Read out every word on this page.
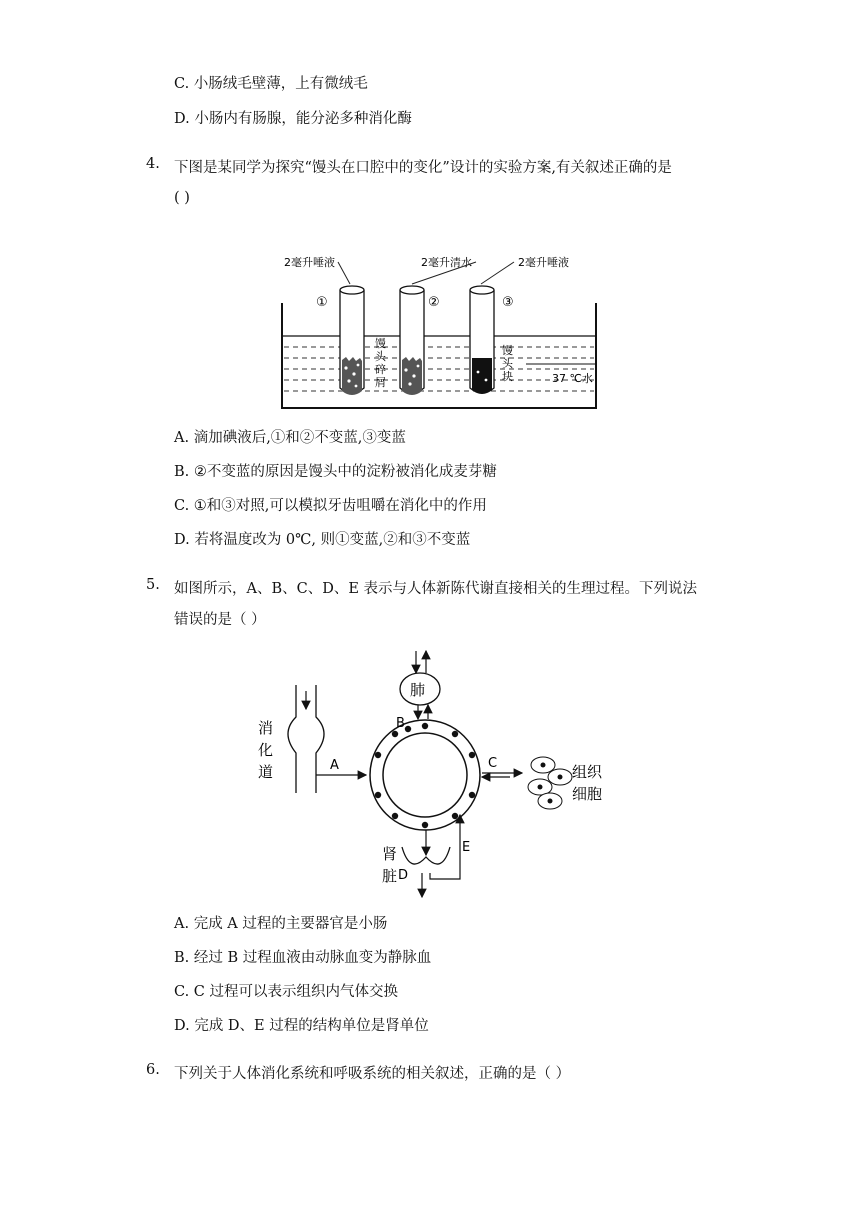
C. 小肠绒毛壁薄，上有微绒毛
D. 小肠内有肠腺，能分泌多种消化酶
4. 下图是某同学为探究“馒头在口腔中的变化”设计的实验方案,有关叙述正确的是
( )
2毫升唾液	2毫升清水	2毫升唾液
①	②	③
馒
头
碎
屑
馒
头
块	37 ℃水
A. 滴加碘液后,①和②不变蓝,③变蓝
B. ②不变蓝的原因是馒头中的淀粉被消化成麦芽糖
C. ①和③对照,可以模拟牙齿咀嚼在消化中的作用
D. 若将温度改为 0℃, 则①变蓝,②和③不变蓝
5. 如图所示，A、B、C、D、E 表示与人体新陈代谢直接相关的生理过程。下列说法
错误的是（ ）
消
化
道	A
肺
B
C	组织
细胞
肾
脏 D
E
A. 完成 A 过程的主要器官是小肠
B. 经过 B 过程血液由动脉血变为静脉血
C. C 过程可以表示组织内气体交换
D. 完成 D、E 过程的结构单位是肾单位
6. 下列关于人体消化系统和呼吸系统的相关叙述，正确的是（ ）
